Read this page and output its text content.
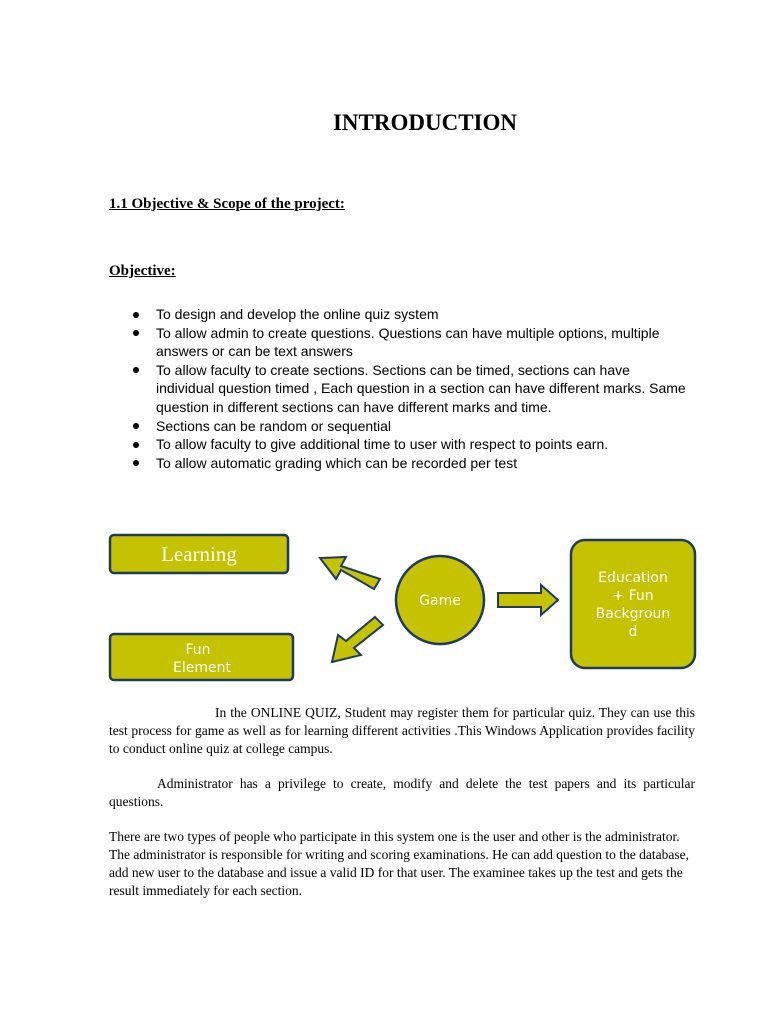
INTRODUCTION
1.1 Objective & Scope of the project:
Objective:
To design and develop the online quiz system
To allow admin to create questions. Questions can have multiple options, multiple answers or can be text answers
To allow faculty to create sections. Sections can be timed, sections can have individual question timed , Each question in a section can have different marks. Same question in different sections can have different marks and time.
Sections can be random or sequential
To allow faculty to give additional time to user with respect to points earn.
To allow automatic grading which can be recorded per test
Learning
Fun
Element
Game
Education
+ Fun
Backgroun
d

In the ONLINE QUIZ, Student may register them for particular quiz. They can use this test process for game as well as for learning different activities .This Windows Application provides facility to conduct online quiz at college campus.

Administrator has a privilege to create, modify and delete the test papers and its particular questions.

There are two types of people who participate in this system one is the user and other is the administrator. The administrator is responsible for writing and scoring examinations. He can add question to the database, add new user to the database and issue a valid ID for that user. The examinee takes up the test and gets the result immediately for each section.
